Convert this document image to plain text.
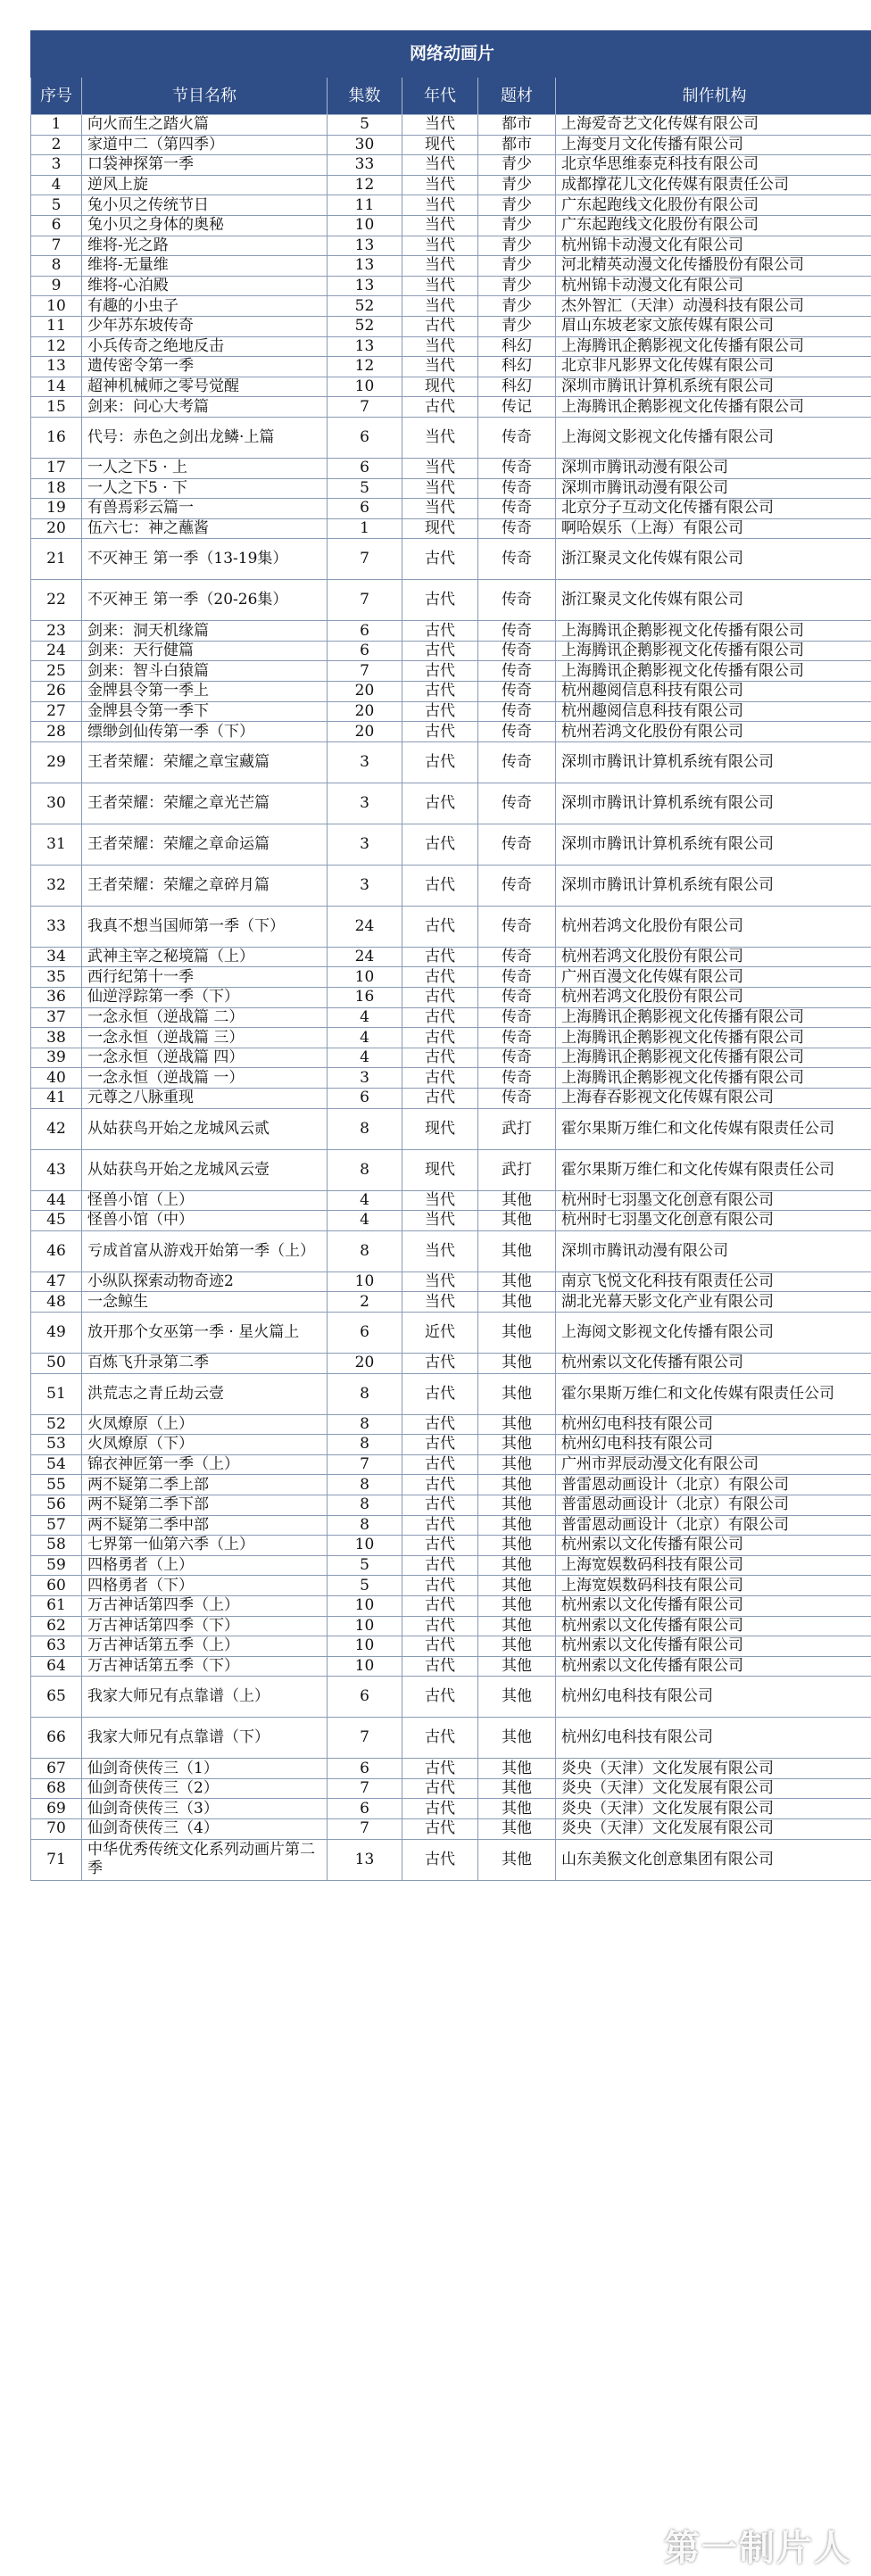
网络动画片					
序号	节目名称	集数	年代	题材	制作机构
1	向火而生之踏火篇	5	当代	都市	上海爱奇艺文化传媒有限公司
2	家道中二（第四季）	30	现代	都市	上海变月文化传播有限公司
3	口袋神探第一季	33	当代	青少	北京华思维泰克科技有限公司
4	逆风上旋	12	当代	青少	成都撑花儿文化传媒有限责任公司
5	兔小贝之传统节日	11	当代	青少	广东起跑线文化股份有限公司
6	兔小贝之身体的奥秘	10	当代	青少	广东起跑线文化股份有限公司
7	维将-光之路	13	当代	青少	杭州锦卡动漫文化有限公司
8	维将-无量维	13	当代	青少	河北精英动漫文化传播股份有限公司
9	维将-心泊殿	13	当代	青少	杭州锦卡动漫文化有限公司
10	有趣的小虫子	52	当代	青少	杰外智汇（天津）动漫科技有限公司
11	少年苏东坡传奇	52	古代	青少	眉山东坡老家文旅传媒有限公司
12	小兵传奇之绝地反击	13	当代	科幻	上海腾讯企鹅影视文化传播有限公司
13	遗传密令第一季	12	当代	科幻	北京非凡影界文化传媒有限公司
14	超神机械师之零号觉醒	10	现代	科幻	深圳市腾讯计算机系统有限公司
15	剑来：问心大考篇	7	古代	传记	上海腾讯企鹅影视文化传播有限公司
16	代号：赤色之剑出龙鳞·上篇	6	当代	传奇	上海阅文影视文化传播有限公司
17	一人之下5 · 上	6	当代	传奇	深圳市腾讯动漫有限公司
18	一人之下5 · 下	5	当代	传奇	深圳市腾讯动漫有限公司
19	有兽焉彩云篇一	6	当代	传奇	北京分子互动文化传播有限公司
20	伍六七：神之蘸酱	1	现代	传奇	啊哈娱乐（上海）有限公司
21	不灭神王 第一季（13-19集）	7	古代	传奇	浙江聚灵文化传媒有限公司
22	不灭神王 第一季（20-26集）	7	古代	传奇	浙江聚灵文化传媒有限公司
23	剑来：洞天机缘篇	6	古代	传奇	上海腾讯企鹅影视文化传播有限公司
24	剑来：天行健篇	6	古代	传奇	上海腾讯企鹅影视文化传播有限公司
25	剑来：智斗白猿篇	7	古代	传奇	上海腾讯企鹅影视文化传播有限公司
26	金牌县令第一季上	20	古代	传奇	杭州趣阅信息科技有限公司
27	金牌县令第一季下	20	古代	传奇	杭州趣阅信息科技有限公司
28	缥缈剑仙传第一季（下）	20	古代	传奇	杭州若鸿文化股份有限公司
29	王者荣耀：荣耀之章宝藏篇	3	古代	传奇	深圳市腾讯计算机系统有限公司
30	王者荣耀：荣耀之章光芒篇	3	古代	传奇	深圳市腾讯计算机系统有限公司
31	王者荣耀：荣耀之章命运篇	3	古代	传奇	深圳市腾讯计算机系统有限公司
32	王者荣耀：荣耀之章碎月篇	3	古代	传奇	深圳市腾讯计算机系统有限公司
33	我真不想当国师第一季（下）	24	古代	传奇	杭州若鸿文化股份有限公司
34	武神主宰之秘境篇（上）	24	古代	传奇	杭州若鸿文化股份有限公司
35	西行纪第十一季	10	古代	传奇	广州百漫文化传媒有限公司
36	仙逆浮踪第一季（下）	16	古代	传奇	杭州若鸿文化股份有限公司
37	一念永恒（逆战篇 二）	4	古代	传奇	上海腾讯企鹅影视文化传播有限公司
38	一念永恒（逆战篇 三）	4	古代	传奇	上海腾讯企鹅影视文化传播有限公司
39	一念永恒（逆战篇 四）	4	古代	传奇	上海腾讯企鹅影视文化传播有限公司
40	一念永恒（逆战篇 一）	3	古代	传奇	上海腾讯企鹅影视文化传播有限公司
41	元尊之八脉重现	6	古代	传奇	上海春吞影视文化传媒有限公司
42	从姑获鸟开始之龙城风云贰	8	现代	武打	霍尔果斯万维仁和文化传媒有限责任公司
43	从姑获鸟开始之龙城风云壹	8	现代	武打	霍尔果斯万维仁和文化传媒有限责任公司
44	怪兽小馆（上）	4	当代	其他	杭州时七羽墨文化创意有限公司
45	怪兽小馆（中）	4	当代	其他	杭州时七羽墨文化创意有限公司
46	亏成首富从游戏开始第一季（上）	8	当代	其他	深圳市腾讯动漫有限公司
47	小纵队探索动物奇迹2	10	当代	其他	南京飞悦文化科技有限责任公司
48	一念鲸生	2	当代	其他	湖北光幕天影文化产业有限公司
49	放开那个女巫第一季 · 星火篇上	6	近代	其他	上海阅文影视文化传播有限公司
50	百炼飞升录第二季	20	古代	其他	杭州索以文化传播有限公司
51	洪荒志之青丘劫云壹	8	古代	其他	霍尔果斯万维仁和文化传媒有限责任公司
52	火凤燎原（上）	8	古代	其他	杭州幻电科技有限公司
53	火凤燎原（下）	8	古代	其他	杭州幻电科技有限公司
54	锦衣神匠第一季（上）	7	古代	其他	广州市羿辰动漫文化有限公司
55	两不疑第二季上部	8	古代	其他	普雷恩动画设计（北京）有限公司
56	两不疑第二季下部	8	古代	其他	普雷恩动画设计（北京）有限公司
57	两不疑第二季中部	8	古代	其他	普雷恩动画设计（北京）有限公司
58	七界第一仙第六季（上）	10	古代	其他	杭州索以文化传播有限公司
59	四格勇者（上）	5	古代	其他	上海宽娱数码科技有限公司
60	四格勇者（下）	5	古代	其他	上海宽娱数码科技有限公司
61	万古神话第四季（上）	10	古代	其他	杭州索以文化传播有限公司
62	万古神话第四季（下）	10	古代	其他	杭州索以文化传播有限公司
63	万古神话第五季（上）	10	古代	其他	杭州索以文化传播有限公司
64	万古神话第五季（下）	10	古代	其他	杭州索以文化传播有限公司
65	我家大师兄有点靠谱（上）	6	古代	其他	杭州幻电科技有限公司
66	我家大师兄有点靠谱（下）	7	古代	其他	杭州幻电科技有限公司
67	仙剑奇侠传三（1）	6	古代	其他	炎央（天津）文化发展有限公司
68	仙剑奇侠传三（2）	7	古代	其他	炎央（天津）文化发展有限公司
69	仙剑奇侠传三（3）	6	古代	其他	炎央（天津）文化发展有限公司
70	仙剑奇侠传三（4）	7	古代	其他	炎央（天津）文化发展有限公司
71	中华优秀传统文化系列动画片第二季	13	古代	其他	山东美猴文化创意集团有限公司
第一制片人
